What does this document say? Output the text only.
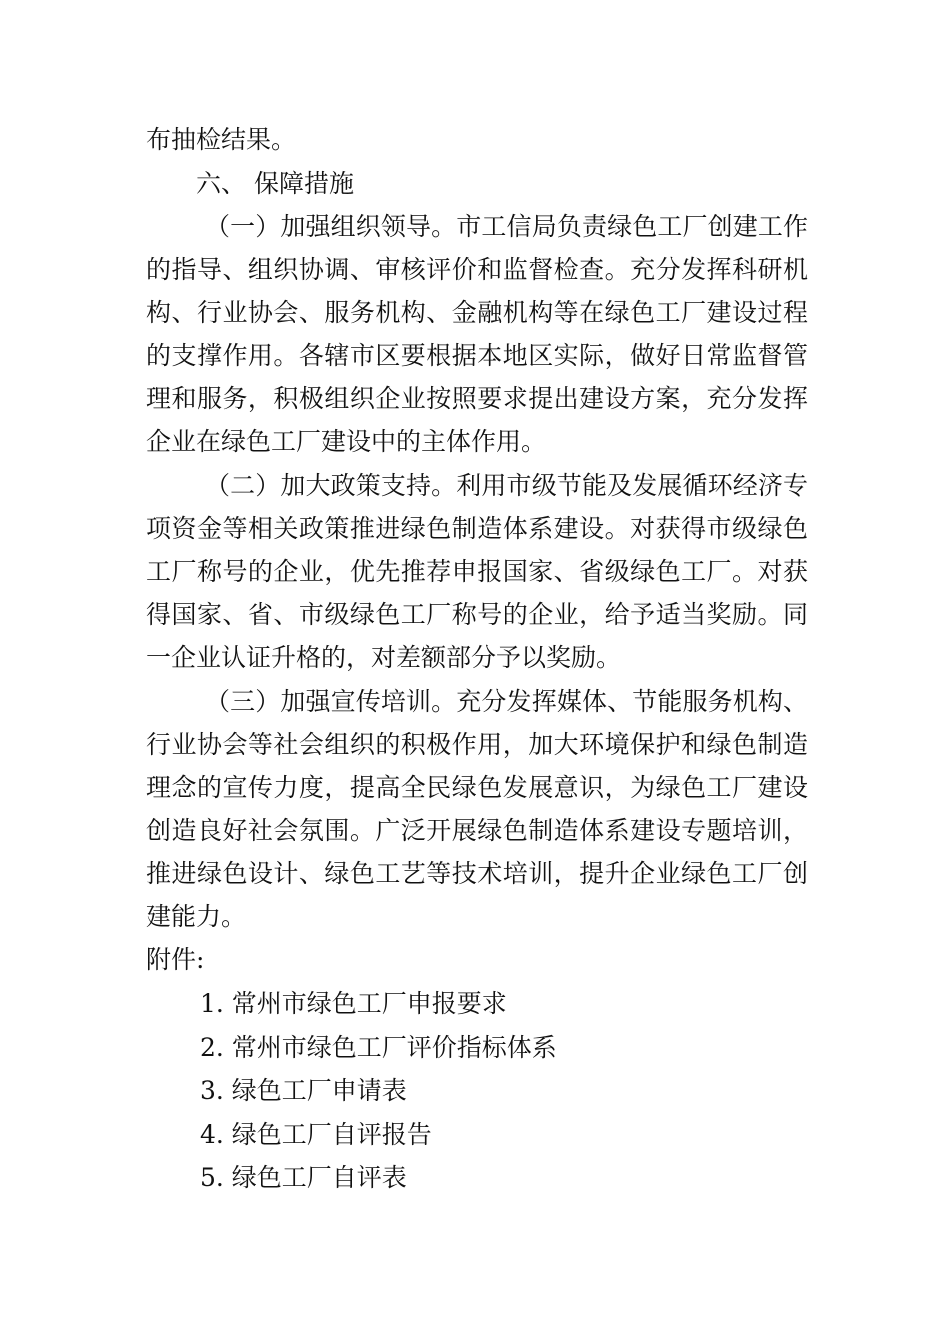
布抽检结果。
六、 保障措施
（一）加强组织领导。市工信局负责绿色工厂创建工作
的指导、组织协调、审核评价和监督检查。充分发挥科研机
构、行业协会、服务机构、金融机构等在绿色工厂建设过程
的支撑作用。各辖市区要根据本地区实际，做好日常监督管
理和服务，积极组织企业按照要求提出建设方案，充分发挥
企业在绿色工厂建设中的主体作用。
（二）加大政策支持。利用市级节能及发展循环经济专
项资金等相关政策推进绿色制造体系建设。对获得市级绿色
工厂称号的企业，优先推荐申报国家、省级绿色工厂。对获
得国家、省、市级绿色工厂称号的企业，给予适当奖励。同
一企业认证升格的，对差额部分予以奖励。
（三）加强宣传培训。充分发挥媒体、节能服务机构、
行业协会等社会组织的积极作用，加大环境保护和绿色制造
理念的宣传力度，提高全民绿色发展意识，为绿色工厂建设
创造良好社会氛围。广泛开展绿色制造体系建设专题培训，
推进绿色设计、绿色工艺等技术培训，提升企业绿色工厂创
建能力。
附件:
1. 常州市绿色工厂申报要求
2. 常州市绿色工厂评价指标体系
3. 绿色工厂申请表
4. 绿色工厂自评报告
5. 绿色工厂自评表
